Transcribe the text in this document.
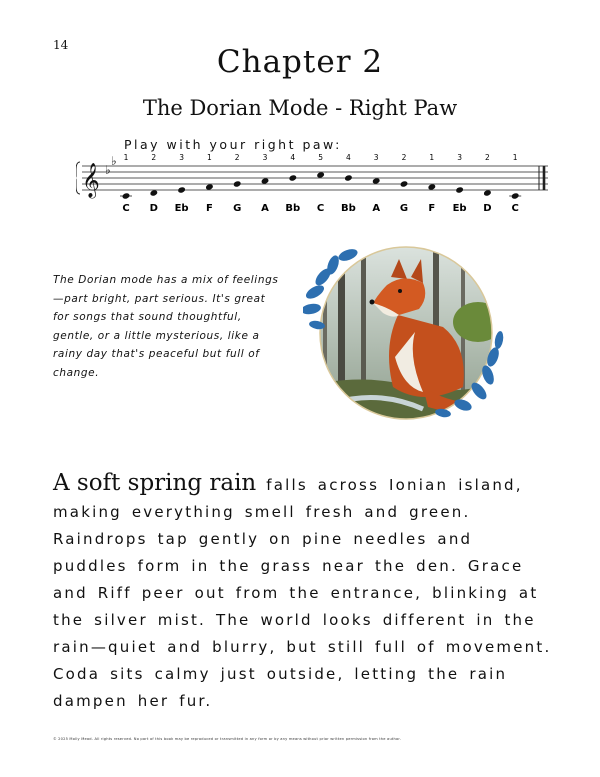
14	Chapter 2
The Dorian Mode - Right Paw
Play with your right paw:
𝄞 ♭
♭ 1
C
2
D
3
Eb
1
F
2
G
3
A
4
Bb
5
C
4
Bb
3
A
2
G
1
F
3
Eb
2
D
1
C
The Dorian mode has a mix of feelings—part bright, part serious. It's great for songs that sound thoughtful, gentle, or a little mysterious, like a rainy day that's peaceful but full of change.
A soft spring rain falls across Ionian island, making everything smell fresh and green. Raindrops tap gently on pine needles and puddles form in the grass near the den. Grace and Riff peer out from the entrance, blinking at the silver mist. The world looks different in the rain—quiet and blurry, but still full of movement. Coda sits calmy just outside, letting the rain dampen her fur.
© 2025 Molly Mead. All rights reserved. No part of this book may be reproduced or transmitted in any form or by any means without prior written permission from the author.
